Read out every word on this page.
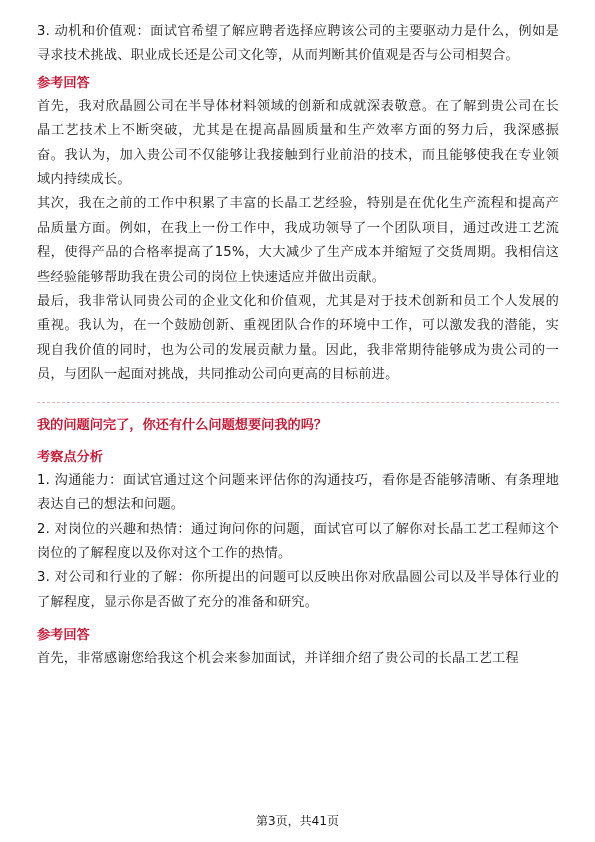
3. 动机和价值观：面试官希望了解应聘者选择应聘该公司的主要驱动力是什么，例如是寻求技术挑战、职业成长还是公司文化等，从而判断其价值观是否与公司相契合。

参考回答

首先，我对欣晶圆公司在半导体材料领域的创新和成就深表敬意。在了解到贵公司在长晶工艺技术上不断突破，尤其是在提高晶圆质量和生产效率方面的努力后，我深感振奋。我认为，加入贵公司不仅能够让我接触到行业前沿的技术，而且能够使我在专业领域内持续成长。

其次，我在之前的工作中积累了丰富的长晶工艺经验，特别是在优化生产流程和提高产品质量方面。例如，在我上一份工作中，我成功领导了一个团队项目，通过改进工艺流程，使得产品的合格率提高了15%，大大减少了生产成本并缩短了交货周期。我相信这些经验能够帮助我在贵公司的岗位上快速适应并做出贡献。

最后，我非常认同贵公司的企业文化和价值观，尤其是对于技术创新和员工个人发展的重视。我认为，在一个鼓励创新、重视团队合作的环境中工作，可以激发我的潜能，实现自我价值的同时，也为公司的发展贡献力量。因此，我非常期待能够成为贵公司的一员，与团队一起面对挑战，共同推动公司向更高的目标前进。

我的问题问完了，你还有什么问题想要问我的吗？

考察点分析

1. 沟通能力：面试官通过这个问题来评估你的沟通技巧，看你是否能够清晰、有条理地表达自己的想法和问题。

2. 对岗位的兴趣和热情：通过询问你的问题，面试官可以了解你对长晶工艺工程师这个岗位的了解程度以及你对这个工作的热情。

3. 对公司和行业的了解：你所提出的问题可以反映出你对欣晶圆公司以及半导体行业的了解程度，显示你是否做了充分的准备和研究。

参考回答

首先，非常感谢您给我这个机会来参加面试，并详细介绍了贵公司的长晶工艺工程

第3页，共41页
